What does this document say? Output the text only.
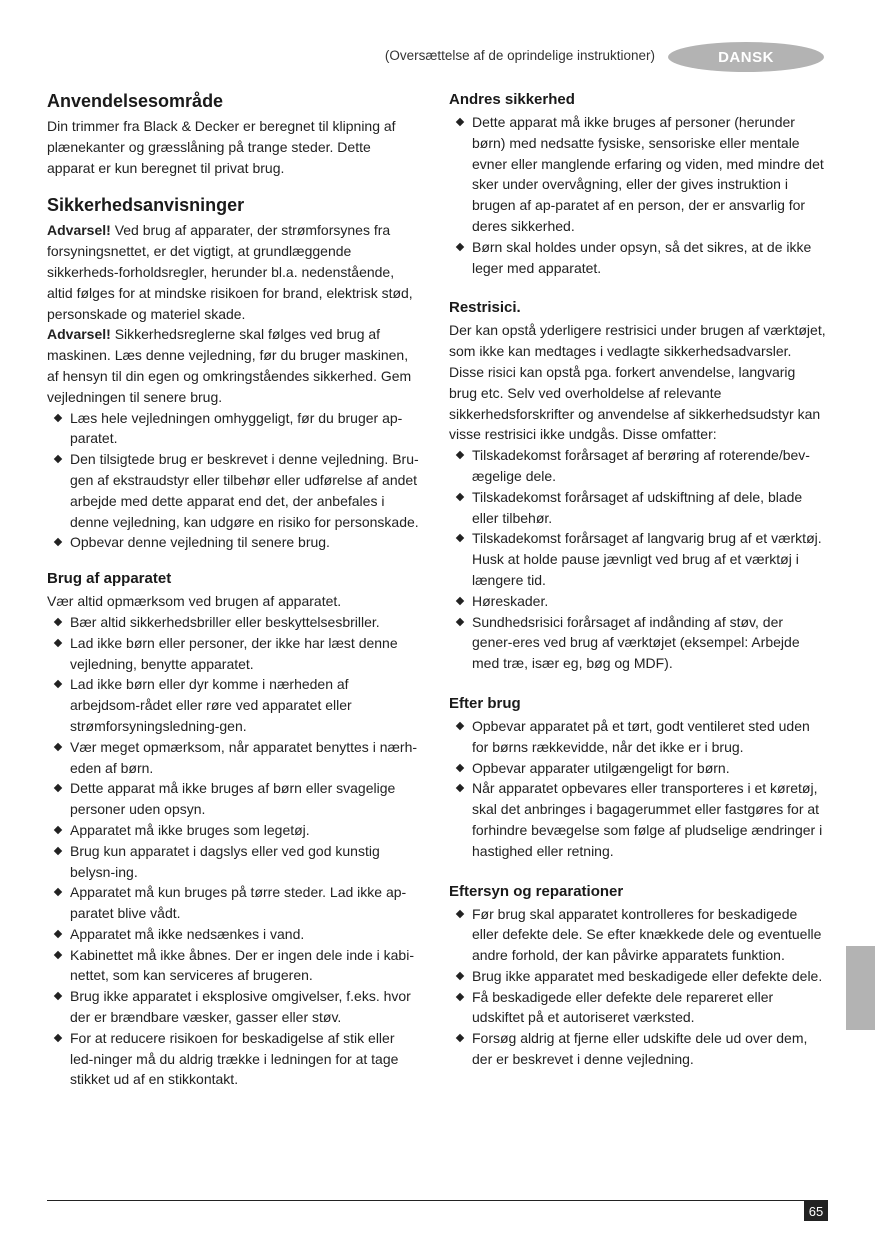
(Oversættelse af de oprindelige instruktioner)	DANSK
Anvendelsesområde

Din trimmer fra Black & Decker er beregnet til klipning af plænekanter og græsslåning på trange steder. Dette apparat er kun beregnet til privat brug.

Sikkerhedsanvisninger

Advarsel! Ved brug af apparater, der strømforsynes fra forsyningsnettet, er det vigtigt, at grundlæggende sikkerheds-forholdsregler, herunder bl.a. nedenstående, altid følges for at mindske risikoen for brand, elektrisk stød, personskade og materiel skade.

Advarsel! Sikkerhedsreglerne skal følges ved brug af maskinen. Læs denne vejledning, før du bruger maskinen, af hensyn til din egen og omkringståendes sikkerhed. Gem vejledningen til senere brug.

Læs hele vejledningen omhyggeligt, før du bruger ap-paratet.
Den tilsigtede brug er beskrevet i denne vejledning. Bru-gen af ekstraudstyr eller tilbehør eller udførelse af andet arbejde med dette apparat end det, der anbefales i denne vejledning, kan udgøre en risiko for personskade.
Opbevar denne vejledning til senere brug.
Brug af apparatet

Vær altid opmærksom ved brugen af apparatet.

Bær altid sikkerhedsbriller eller beskyttelsesbriller.
Lad ikke børn eller personer, der ikke har læst denne vejledning, benytte apparatet.
Lad ikke børn eller dyr komme i nærheden af arbejdsom-rådet eller røre ved apparatet eller strømforsyningsledning-gen.
Vær meget opmærksom, når apparatet benyttes i nærh-eden af børn.
Dette apparat må ikke bruges af børn eller svagelige personer uden opsyn.
Apparatet må ikke bruges som legetøj.
Brug kun apparatet i dagslys eller ved god kunstig belysn-ing.
Apparatet må kun bruges på tørre steder. Lad ikke ap-paratet blive vådt.
Apparatet må ikke nedsænkes i vand.
Kabinettet må ikke åbnes. Der er ingen dele inde i kabi-nettet, som kan serviceres af brugeren.
Brug ikke apparatet i eksplosive omgivelser, f.eks. hvor der er brændbare væsker, gasser eller støv.
For at reducere risikoen for beskadigelse af stik eller led-ninger må du aldrig trække i ledningen for at tage stikket ud af en stikkontakt.
Andres sikkerhed
Dette apparat må ikke bruges af personer (herunder børn) med nedsatte fysiske, sensoriske eller mentale evner eller manglende erfaring og viden, med mindre det sker under overvågning, eller der gives instruktion i brugen af ap-paratet af en person, der er ansvarlig for deres sikkerhed.
Børn skal holdes under opsyn, så det sikres, at de ikke leger med apparatet.
Restrisici.

Der kan opstå yderligere restrisici under brugen af værktøjet, som ikke kan medtages i vedlagte sikkerhedsadvarsler. Disse risici kan opstå pga. forkert anvendelse, langvarig brug etc. Selv ved overholdelse af relevante sikkerhedsforskrifter og anvendelse af sikkerhedsudstyr kan visse restrisici ikke undgås. Disse omfatter:

Tilskadekomst forårsaget af berøring af roterende/bev-ægelige dele.
Tilskadekomst forårsaget af udskiftning af dele, blade eller tilbehør.
Tilskadekomst forårsaget af langvarig brug af et værktøj. Husk at holde pause jævnligt ved brug af et værktøj i længere tid.
Høreskader.
Sundhedsrisici forårsaget af indånding af støv, der gener-eres ved brug af værktøjet (eksempel: Arbejde med træ, især eg, bøg og MDF).
Efter brug
Opbevar apparatet på et tørt, godt ventileret sted uden for børns rækkevidde, når det ikke er i brug.
Opbevar apparater utilgængeligt for børn.
Når apparatet opbevares eller transporteres i et køretøj, skal det anbringes i bagagerummet eller fastgøres for at forhindre bevægelse som følge af pludselige ændringer i hastighed eller retning.
Eftersyn og reparationer
Før brug skal apparatet kontrolleres for beskadigede eller defekte dele. Se efter knækkede dele og eventuelle andre forhold, der kan påvirke apparatets funktion.
Brug ikke apparatet med beskadigede eller defekte dele.
Få beskadigede eller defekte dele repareret eller udskiftet på et autoriseret værksted.
Forsøg aldrig at fjerne eller udskifte dele ud over dem, der er beskrevet i denne vejledning.
65
